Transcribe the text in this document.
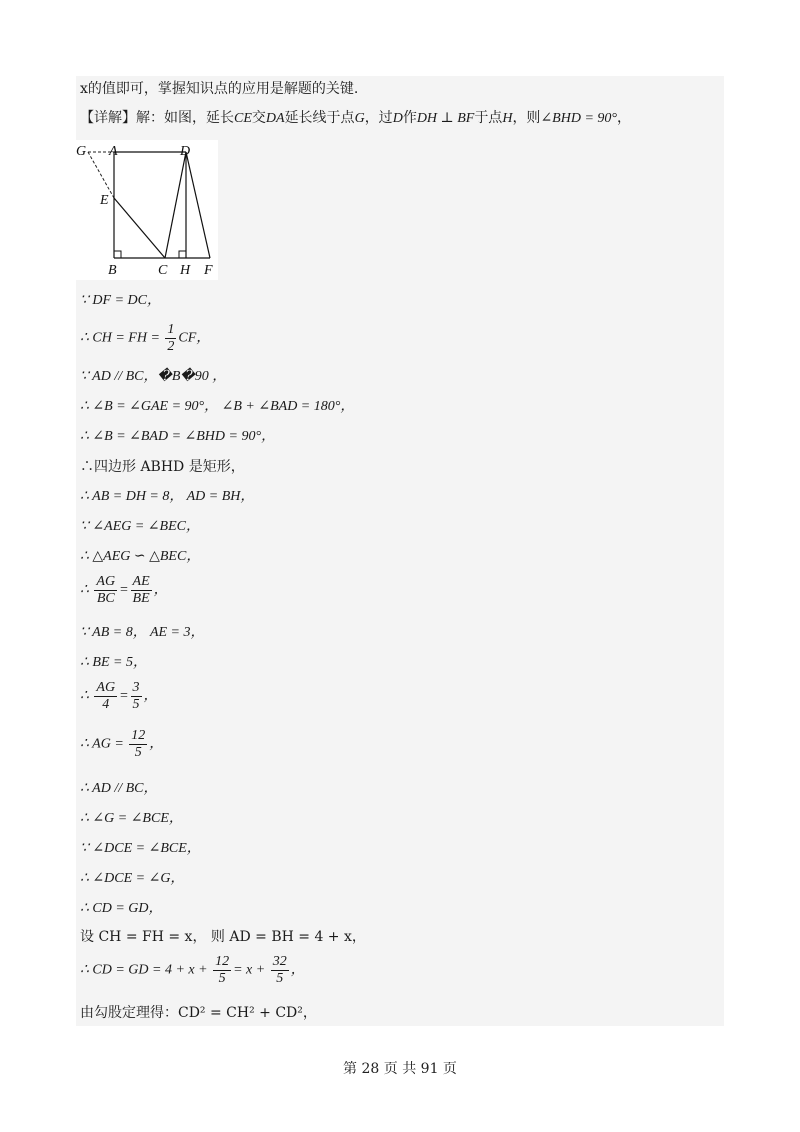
x的值即可，掌握知识点的应用是解题的关键.
【详解】解：如图，延长CE交DA延长线于点G，过D作DH ⊥ BF于点H，则∠BHD = 90°，
G A	D
E
B	C H F
∵ DF = DC，
∴ CH = FH = $\frac{1}{2}$ CF，
∵ AD // BC，�B�90 ，
∴ ∠B = ∠GAE = 90°， ∠B + ∠BAD = 180°，
∴ ∠B = ∠BAD = ∠BHD = 90°，
∴四边形 ABHD 是矩形，
∴ AB = DH = 8， AD = BH，
∵ ∠AEG = ∠BEC，
∴ △AEG ∽ △BEC，
∴ $\frac{AG}{BC} = \frac{AE}{BE}$ ，
∵ AB = 8， AE = 3，
∴ BE = 5，
∴ $\frac{AG}{4} = \frac{3}{5}$ ，
∴ AG = $\frac{12}{5}$ ，
∴ AD // BC，
∴ ∠G = ∠BCE，
∵ ∠DCE = ∠BCE，
∴ ∠DCE = ∠G，
∴ CD = GD，
设 CH = FH = x， 则 AD = BH = 4 + x，
∴ CD = GD = $4 + x + \frac{12}{5} = x + \frac{32}{5}$ ，
由勾股定理得：CD² = CH² + CD²，
第 28 页 共 91 页
